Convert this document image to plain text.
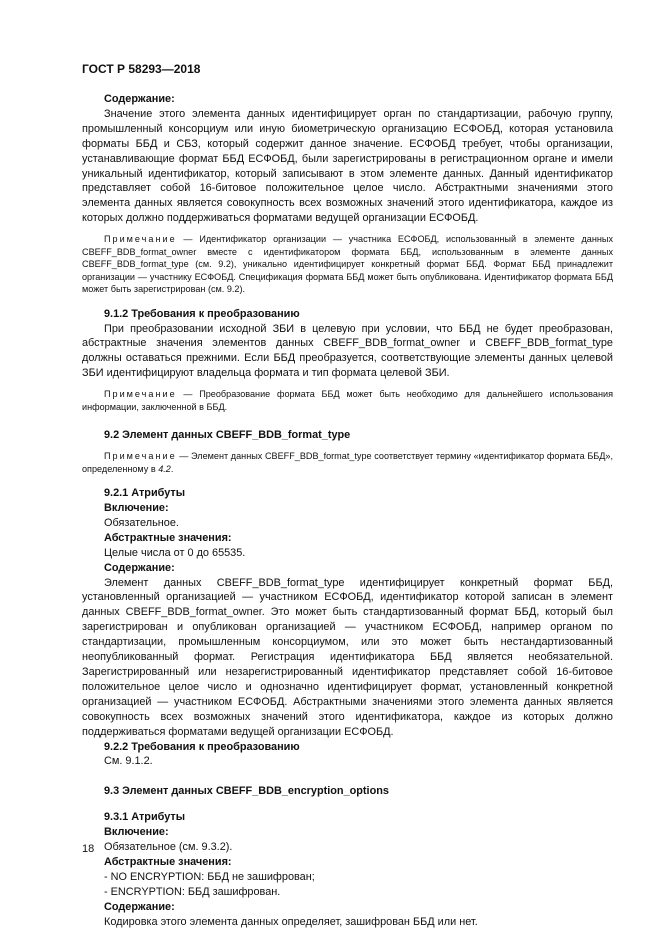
ГОСТ Р 58293—2018

Содержание:

Значение этого элемента данных идентифицирует орган по стандартизации, рабочую группу, промышленный консорциум или иную биометрическую организацию ЕСФОБД, которая установила форматы ББД и СБЗ, который содержит данное значение. ЕСФОБД требует, чтобы организации, устанавливающие формат ББД ЕСФОБД, были зарегистрированы в регистрационном органе и имели уникальный идентификатор, который записывают в этом элементе данных. Данный идентификатор представляет собой 16-битовое положительное целое число. Абстрактными значениями этого элемента данных является совокупность всех возможных значений этого идентификатора, каждое из которых должно поддерживаться форматами ведущей организации ЕСФОБД.

Примечание — Идентификатор организации — участника ЕСФОБД, использованный в элементе данных CBEFF_BDB_format_owner вместе с идентификатором формата ББД, использованным в элементе данных CBEFF_BDB_format_type (см. 9.2), уникально идентифицирует конкретный формат ББД. Формат ББД принадлежит организации — участнику ЕСФОБД. Спецификация формата ББД может быть опубликована. Идентификатор формата ББД может быть зарегистрирован (см. 9.2).

9.1.2 Требования к преобразованию

При преобразовании исходной ЗБИ в целевую при условии, что ББД не будет преобразован, абстрактные значения элементов данных CBEFF_BDB_format_owner и CBEFF_BDB_format_type должны оставаться прежними. Если ББД преобразуется, соответствующие элементы данных целевой ЗБИ идентифицируют владельца формата и тип формата целевой ЗБИ.

Примечание — Преобразование формата ББД может быть необходимо для дальнейшего использования информации, заключенной в ББД.

9.2 Элемент данных CBEFF_BDB_format_type

Примечание — Элемент данных CBEFF_BDB_format_type соответствует термину «идентификатор формата ББД», определенному в 4.2.

9.2.1 Атрибуты

Включение:

Обязательное.

Абстрактные значения:

Целые числа от 0 до 65535.

Содержание:

Элемент данных CBEFF_BDB_format_type идентифицирует конкретный формат ББД, установленный организацией — участником ЕСФОБД, идентификатор которой записан в элемент данных CBEFF_BDB_format_owner. Это может быть стандартизованный формат ББД, который был зарегистрирован и опубликован организацией — участником ЕСФОБД, например органом по стандартизации, промышленным консорциумом, или это может быть нестандартизованный неопубликованный формат. Регистрация идентификатора ББД является необязательной. Зарегистрированный или незарегистрированный идентификатор представляет собой 16-битовое положительное целое число и однозначно идентифицирует формат, установленный конкретной организацией — участником ЕСФОБД. Абстрактными значениями этого элемента данных является совокупность всех возможных значений этого идентификатора, каждое из которых должно поддерживаться форматами ведущей организации ЕСФОБД.

9.2.2 Требования к преобразованию

См. 9.1.2.

9.3 Элемент данных CBEFF_BDB_encryption_options

9.3.1 Атрибуты

Включение:

Обязательное (см. 9.3.2).

Абстрактные значения:

- NO ENCRYPTION: ББД не зашифрован;

- ENCRYPTION: ББД зашифрован.

Содержание:

Кодировка этого элемента данных определяет, зашифрован ББД или нет.

18
